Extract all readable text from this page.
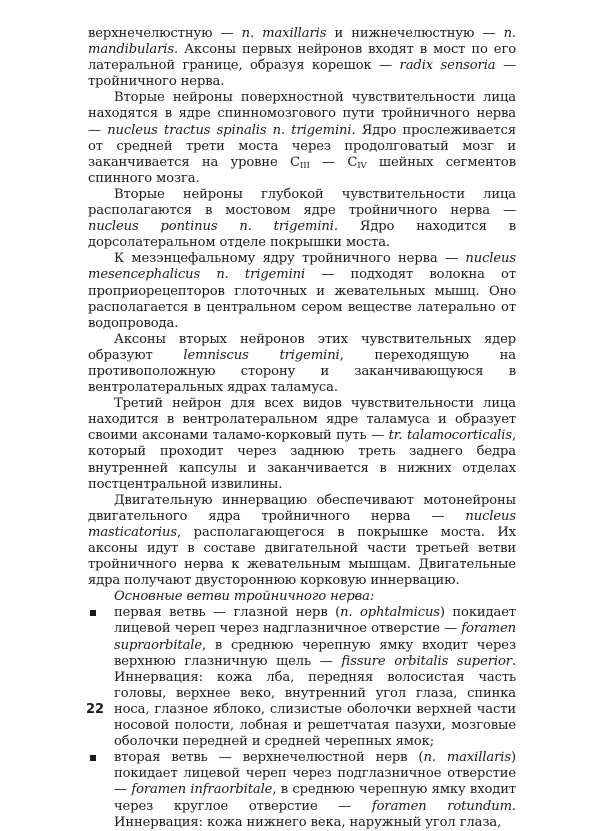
верхнечелюстную — n. maxillaris и нижнечелюстную — n. mandibularis. Аксоны первых нейронов входят в мост по его латеральной границе, образуя корешок — radix sensoria — тройничного нерва.

Вторые нейроны поверхностной чувствительности лица находятся в ядре спинномозгового пути тройничного нерва — nucleus tractus spinalis n. trigemini. Ядро прослеживается от средней трети моста через продолговатый мозг и заканчивается на уровне $C_{III}$ — $C_{IV}$ шейных сегментов спинного мозга.

Вторые нейроны глубокой чувствительности лица располагаются в мостовом ядре тройничного нерва — nucleus pontinus n. trigemini. Ядро находится в дорсолатеральном отделе покрышки моста.

К мезэнцефальному ядру тройничного нерва — nucleus mesencephalicus n. trigemini — подходят волокна от проприорецепторов глоточных и жевательных мышц. Оно располагается в центральном сером веществе латерально от водопровода.

Аксоны вторых нейронов этих чувствительных ядер образуют lemniscus trigemini, переходящую на противоположную сторону и заканчивающуюся в вентролатеральных ядрах таламуса.

Третий нейрон для всех видов чувствительности лица находится в вентролатеральном ядре таламуса и образует своими аксонами таламо-корковый путь — tr. talamocorticalis, который проходит через заднюю треть заднего бедра внутренней капсулы и заканчивается в нижних отделах постцентральной извилины.

Двигательную иннервацию обеспечивают мотонейроны двигательного ядра тройничного нерва — nucleus masticatorius, располагающегося в покрышке моста. Их аксоны идут в составе двигательной части третьей ветви тройничного нерва к жевательным мышцам. Двигательные ядра получают двустороннюю корковую иннервацию.

Основные ветви тройничного нерва:

первая ветвь — глазной нерв (n. ophtalmicus) покидает лицевой череп через надглазничное отверстие — foramen supraorbitale, в среднюю черепную ямку входит через верхнюю глазничную щель — fissure orbitalis superior. Иннервация: кожа лба, передняя волосистая часть головы, верхнее веко, внутренний угол глаза, спинка носа, глазное яблоко, слизистые оболочки верхней части носовой полости, лобная и решетчатая пазухи, мозговые оболочки передней и средней черепных ямок;
вторая ветвь — верхнечелюстной нерв (n. maxillaris) покидает лицевой череп через подглазничное отверстие — foramen infraorbitale, в среднюю черепную ямку входит через круглое отверстие — foramen rotundum. Иннервация: кожа нижнего века, наружный угол глаза,
22
